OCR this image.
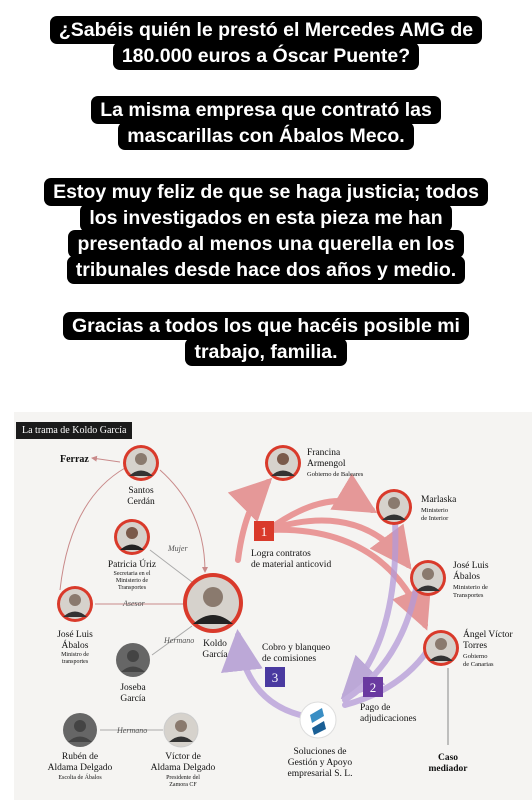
¿Sabéis quién le prestó el Mercedes AMG de
180.000 euros a Óscar Puente?
La misma empresa que contrató las
mascarillas con Ábalos Meco.
Estoy muy feliz de que se haga justicia; todos
los investigados en esta pieza me han
presentado al menos una querella en los
tribunales desde hace dos años y medio.
Gracias a todos los que hacéis posible mi
trabajo, familia.
La trama de Koldo García
1
2
3
Ferraz
Santos
Cerdán
Patricia Úriz
Secretaria en el
Ministerio de
Transportes
José Luis
Ábalos
Ministro de
transportes
Koldo
García
Joseba
García
Rubén de
Aldama Delgado
Escolta de Ábalos
Víctor de
Aldama Delgado
Presidente del
Zamora CF
Francina
Armengol
Gobierno de Baleares
Marlaska
Ministerio
de Interior
José Luis
Ábalos
Ministerio de
Transportes
Ángel Víctor
Torres
Gobierno
de Canarias
Logra contratos
de material anticovid
Pago de
adjudicaciones
Cobro y blanqueo
de comisiones
Soluciones de
Gestión y Apoyo
empresarial S. L.
Caso
mediador
Mujer
Asesor
Hermano
Hermano
